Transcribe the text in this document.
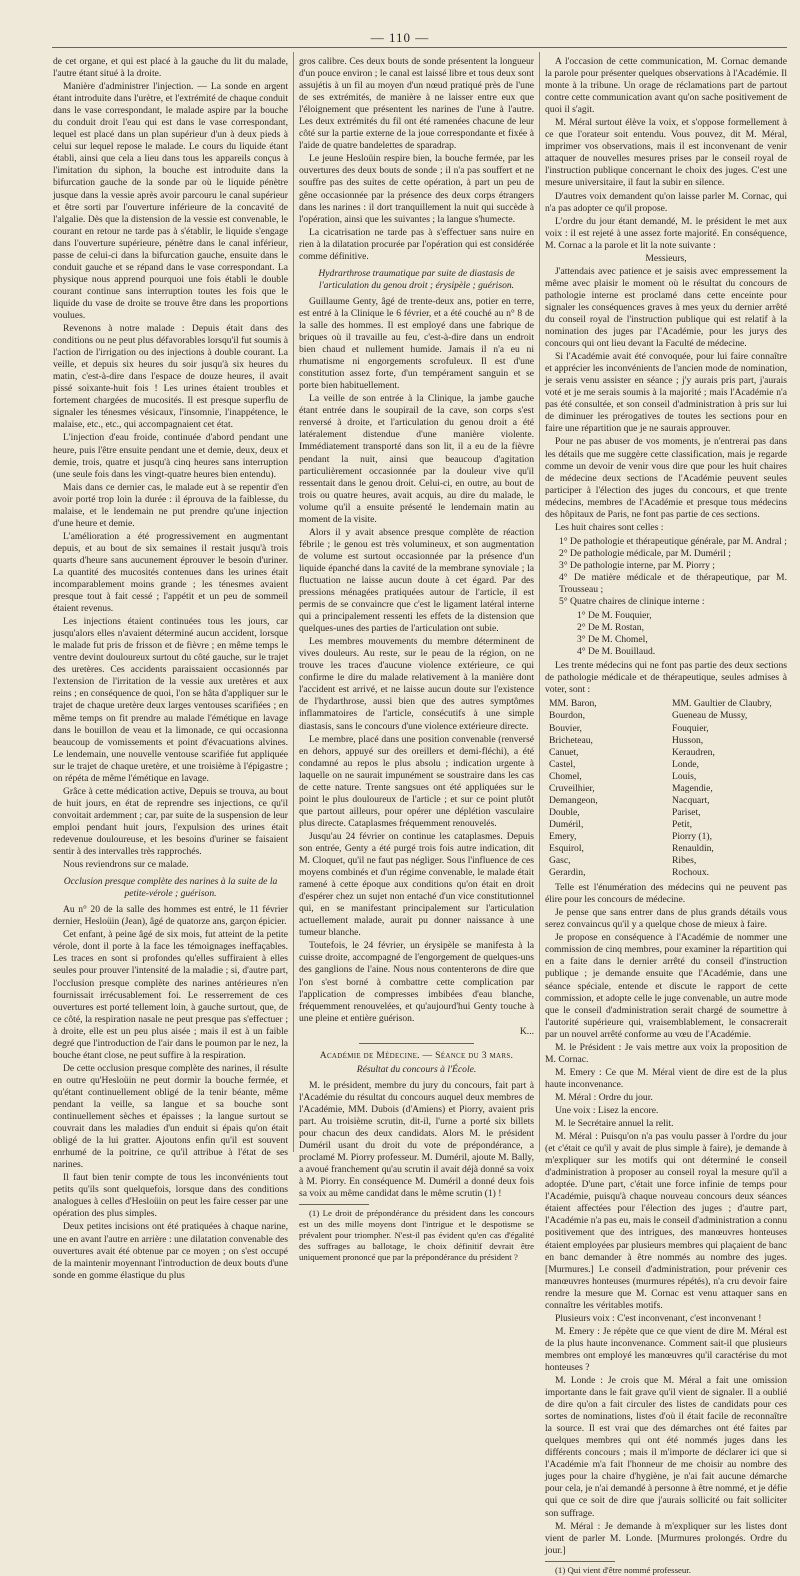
— 110 —

de cet organe, et qui est placé à la gauche du lit du malade, l'autre étant situé à la droite.

Manière d'administrer l'injection. — La sonde en argent étant introduite dans l'urètre, et l'extrémité de chaque conduit dans le vase correspondant, le malade aspire par la bouche du conduit droit l'eau qui est dans le vase correspondant, lequel est placé dans un plan supérieur d'un à deux pieds à celui sur lequel repose le malade. Le cours du liquide étant établi, ainsi que cela a lieu dans tous les appareils conçus à l'imitation du siphon, la bouche est introduite dans la bifurcation gauche de la sonde par où le liquide pénètre jusque dans la vessie après avoir parcouru le canal supérieur et être sorti par l'ouverture inférieure de la concavité de l'algalie. Dès que la distension de la vessie est convenable, le courant en retour ne tarde pas à s'établir, le liquide s'engage dans l'ouverture supérieure, pénètre dans le canal inférieur, passe de celui-ci dans la bifurcation gauche, ensuite dans le conduit gauche et se répand dans le vase correspondant. La physique nous apprend pourquoi une fois établi le double courant continue sans interruption toutes les fois que le liquide du vase de droite se trouve être dans les proportions voulues.

Revenons à notre malade : Depuis était dans des conditions ou ne peut plus défavorables lorsqu'il fut soumis à l'action de l'irrigation ou des injections à double courant. La veille, et depuis six heures du soir jusqu'à six heures du matin, c'est-à-dire dans l'espace de douze heures, il avait pissé soixante-huit fois ! Les urines étaient troubles et fortement chargées de mucosités. Il est presque superflu de signaler les ténesmes vésicaux, l'insomnie, l'inappétence, le malaise, etc., etc., qui accompagnaient cet état.

L'injection d'eau froide, continuée d'abord pendant une heure, puis l'être ensuite pendant une et demie, deux, deux et demie, trois, quatre et jusqu'à cinq heures sans interruption (une seule fois dans les vingt-quatre heures bien entendu).

Mais dans ce dernier cas, le malade eut à se repentir d'en avoir porté trop loin la durée : il éprouva de la faiblesse, du malaise, et le lendemain ne put prendre qu'une injection d'une heure et demie.

L'amélioration a été progressivement en augmentant depuis, et au bout de six semaines il restait jusqu'à trois quarts d'heure sans aucunement éprouver le besoin d'uriner. La quantité des mucosités contenues dans les urines était incomparablement moins grande ; les ténesmes avaient presque tout à fait cessé ; l'appétit et un peu de sommeil étaient revenus.

Les injections étaient continuées tous les jours, car jusqu'alors elles n'avaient déterminé aucun accident, lorsque le malade fut pris de frisson et de fièvre ; en même temps le ventre devint douloureux surtout du côté gauche, sur le trajet des uretères. Ces accidents paraissaient occasionnés par l'extension de l'irritation de la vessie aux uretères et aux reins ; en conséquence de quoi, l'on se hâta d'appliquer sur le trajet de chaque uretère deux larges ventouses scarifiées ; en même temps on fit prendre au malade l'émétique en lavage dans le bouillon de veau et la limonade, ce qui occasionna beaucoup de vomissements et point d'évacuations alvines. Le lendemain, une nouvelle ventouse scarifiée fut appliquée sur le trajet de chaque uretère, et une troisième à l'épigastre ; on répéta de même l'émétique en lavage.

Grâce à cette médication active, Depuis se trouva, au bout de huit jours, en état de reprendre ses injections, ce qu'il convoitait ardemment ; car, par suite de la suspension de leur emploi pendant huit jours, l'expulsion des urines était redevenue douloureuse, et les besoins d'uriner se faisaient sentir à des intervalles très rapprochés.

Nous reviendrons sur ce malade.

Occlusion presque complète des narines à la suite de la petite-vérole ; guérison.

Au n° 20 de la salle des hommes est entré, le 11 février dernier, Hesloüin (Jean), âgé de quatorze ans, garçon épicier.

Cet enfant, à peine âgé de six mois, fut atteint de la petite vérole, dont il porte à la face les témoignages ineffaçables. Les traces en sont si profondes qu'elles suffiraient à elles seules pour prouver l'intensité de la maladie ; si, d'autre part, l'occlusion presque complète des narines antérieures n'en fournissait irrécusablement foi. Le resserrement de ces ouvertures est porté tellement loin, à gauche surtout, que, de ce côté, la respiration nasale ne peut presque pas s'effectuer ; à droite, elle est un peu plus aisée ; mais il est à un faible degré que l'introduction de l'air dans le poumon par le nez, la bouche étant close, ne peut suffire à la respiration.

De cette occlusion presque complète des narines, il résulte en outre qu'Hesloüin ne peut dormir la bouche fermée, et qu'étant continuellement obligé de la tenir béante, même pendant la veille, sa langue et sa bouche sont continuellement sèches et épaisses ; la langue surtout se couvrait dans les maladies d'un enduit si épais qu'on était obligé de la lui gratter. Ajoutons enfin qu'il est souvent enrhumé de la poitrine, ce qu'il attribue à l'état de ses narines.

Il faut bien tenir compte de tous les inconvénients tout petits qu'ils sont quelquefois, lorsque dans des conditions analogues à celles d'Hesloüin on peut les faire cesser par une opération des plus simples.

Deux petites incisions ont été pratiquées à chaque narine, une en avant l'autre en arrière : une dilatation convenable des ouvertures avait été obtenue par ce moyen ; on s'est occupé de la maintenir moyennant l'introduction de deux bouts d'une sonde en gomme élastique du plus

gros calibre. Ces deux bouts de sonde présentent la longueur d'un pouce environ ; le canal est laissé libre et tous deux sont assujétis à un fil au moyen d'un nœud pratiqué près de l'une de ses extrémités, de manière à ne laisser entre eux que l'éloignement que présentent les narines de l'une à l'autre. Les deux extrémités du fil ont été ramenées chacune de leur côté sur la partie externe de la joue correspondante et fixée à l'aide de quatre bandelettes de sparadrap.

Le jeune Hesloüin respire bien, la bouche fermée, par les ouvertures des deux bouts de sonde ; il n'a pas souffert et ne souffre pas des suites de cette opération, à part un peu de gêne occasionnée par la présence des deux corps étrangers dans les narines : il dort tranquillement la nuit qui succède à l'opération, ainsi que les suivantes ; la langue s'humecte.

La cicatrisation ne tarde pas à s'effectuer sans nuire en rien à la dilatation procurée par l'opération qui est considérée comme définitive.

Hydrarthrose traumatique par suite de diastasis de l'articulation du genou droit ; érysipèle ; guérison.

Guillaume Genty, âgé de trente-deux ans, potier en terre, est entré à la Clinique le 6 février, et a été couché au n° 8 de la salle des hommes. Il est employé dans une fabrique de briques où il travaille au feu, c'est-à-dire dans un endroit bien chaud et nullement humide. Jamais il n'a eu ni rhumatisme ni engorgements scrofuleux. Il est d'une constitution assez forte, d'un tempérament sanguin et se porte bien habituellement.

La veille de son entrée à la Clinique, la jambe gauche étant entrée dans le soupirail de la cave, son corps s'est renversé à droite, et l'articulation du genou droit a été latéralement distendue d'une manière violente. Immédiatement transporté dans son lit, il a eu de la fièvre pendant la nuit, ainsi que beaucoup d'agitation particulièrement occasionnée par la douleur vive qu'il ressentait dans le genou droit. Celui-ci, en outre, au bout de trois ou quatre heures, avait acquis, au dire du malade, le volume qu'il a ensuite présenté le lendemain matin au moment de la visite.

Alors il y avait absence presque complète de réaction fébrile ; le genou est très volumineux, et son augmentation de volume est surtout occasionnée par la présence d'un liquide épanché dans la cavité de la membrane synoviale ; la fluctuation ne laisse aucun doute à cet égard. Par des pressions ménagées pratiquées autour de l'article, il est permis de se convaincre que c'est le ligament latéral interne qui a principalement ressenti les effets de la distension que quelques-unes des parties de l'articulation ont subie.

Les membres mouvements du membre déterminent de vives douleurs. Au reste, sur le peau de la région, on ne trouve les traces d'aucune violence extérieure, ce qui confirme le dire du malade relativement à la manière dont l'accident est arrivé, et ne laisse aucun doute sur l'existence de l'hydarthrose, aussi bien que des autres symptômes inflammatoires de l'article, consécutifs à une simple diastasis, sans le concours d'une violence extérieure directe.

Le membre, placé dans une position convenable (renversé en dehors, appuyé sur des oreillers et demi-fléchi), a été condamné au repos le plus absolu ; indication urgente à laquelle on ne saurait impunément se soustraire dans les cas de cette nature. Trente sangsues ont été appliquées sur le point le plus douloureux de l'article ; et sur ce point plutôt que partout ailleurs, pour opérer une déplétion vasculaire plus directe. Cataplasmes fréquemment renouvelés.

Jusqu'au 24 février on continue les cataplasmes. Depuis son entrée, Genty a été purgé trois fois autre indication, dit M. Cloquet, qu'il ne faut pas négliger. Sous l'influence de ces moyens combinés et d'un régime convenable, le malade était ramené à cette époque aux conditions qu'on était en droit d'espérer chez un sujet non entaché d'un vice constitutionnel qui, en se manifestant principalement sur l'articulation actuellement malade, aurait pu donner naissance à une tumeur blanche.

Toutefois, le 24 février, un érysipèle se manifesta à la cuisse droite, accompagné de l'engorgement de quelques-uns des ganglions de l'aine. Nous nous contenterons de dire que l'on s'est borné à combattre cette complication par l'application de compresses imbibées d'eau blanche, fréquemment renouvelées, et qu'aujourd'hui Genty touche à une pleine et entière guérison.

K...

Académie de Médecine. — Séance du 3 mars.

Résultat du concours à l'École.

M. le président, membre du jury du concours, fait part à l'Académie du résultat du concours auquel deux membres de l'Académie, MM. Dubois (d'Amiens) et Piorry, avaient pris part. Au troisième scrutin, dit-il, l'urne a porté six billets pour chacun des deux candidats. Alors M. le président Duméril usant du droit du vote de prépondérance, a proclamé M. Piorry professeur. M. Duméril, ajoute M. Bally, a avoué franchement qu'au scrutin il avait déjà donné sa voix à M. Piorry. En conséquence M. Duméril a donné deux fois sa voix au même candidat dans le même scrutin (1) !

(1) Le droit de prépondérance du président dans les concours est un des mille moyens dont l'intrigue et le despotisme se prévalent pour triompher. N'est-il pas évident qu'en cas d'égalité des suffrages au ballotage, le choix définitif devrait être uniquement prononcé que par la prépondérance du président ?

A l'occasion de cette communication, M. Cornac demande la parole pour présenter quelques observations à l'Académie. Il monte à la tribune. Un orage de réclamations part de partout contre cette communication avant qu'on sache positivement de quoi il s'agit.

M. Méral surtout élève la voix, et s'oppose formellement à ce que l'orateur soit entendu. Vous pouvez, dit M. Méral, imprimer vos observations, mais il est inconvenant de venir attaquer de nouvelles mesures prises par le conseil royal de l'instruction publique concernant le choix des juges. C'est une mesure universitaire, il faut la subir en silence.

D'autres voix demandent qu'on laisse parler M. Cornac, qui n'a pas adopter ce qu'il propose.

L'ordre du jour étant demandé, M. le président le met aux voix : il est rejeté à une assez forte majorité. En conséquence, M. Cornac a la parole et lit la note suivante :

Messieurs,

J'attendais avec patience et je saisis avec empressement la même avec plaisir le moment où le résultat du concours de pathologie interne est proclamé dans cette enceinte pour signaler les conséquences graves à mes yeux du dernier arrêté du conseil royal de l'instruction publique qui est relatif à la nomination des juges par l'Académie, pour les jurys des concours qui ont lieu devant la Faculté de médecine.

Si l'Académie avait été convoquée, pour lui faire connaître et apprécier les inconvénients de l'ancien mode de nomination, je serais venu assister en séance ; j'y aurais pris part, j'aurais voté et je me serais soumis à la majorité ; mais l'Académie n'a pas été consultée, et son conseil d'administration à pris sur lui de diminuer les prérogatives de toutes les sections pour en faire une répartition que je ne saurais approuver.

Pour ne pas abuser de vos moments, je n'entrerai pas dans les détails que me suggère cette classification, mais je regarde comme un devoir de venir vous dire que pour les huit chaires de médecine deux sections de l'Académie peuvent seules participer à l'élection des juges du concours, et que trente médecins, membres de l'Académie et presque tous médecins des hôpitaux de Paris, ne font pas partie de ces sections.

Les huit chaires sont celles :

1° De pathologie et thérapeutique générale, par M. Andral ;
2° De pathologie médicale, par M. Duméril ;
3° De pathologie interne, par M. Piorry ;
4° De matière médicale et de thérapeutique, par M. Trousseau ;
5° Quatre chaires de clinique interne :
1° De M. Fouquier,
2° De M. Rostan,
3° De M. Chomel,
4° De M. Bouillaud.

Les trente médecins qui ne font pas partie des deux sections de pathologie médicale et de thérapeutique, seules admises à voter, sont :

MM. Baron,
Bourdon,
Bouvier,
Bricheteau,
Canuet,
Castel,
Chomel,
Cruveilhier,
Demangeon,
Double,
Duméril,
Emery,
Esquirol,
Gasc,
Gerardin,
MM. Gaultier de Claubry,
Gueneau de Mussy,
Fouquier,
Husson,
Keraudren,
Londe,
Louis,
Magendie,
Nacquart,
Pariset,
Petit,
Piorry (1),
Renauldin,
Ribes,
Rochoux.

Telle est l'énumération des médecins qui ne peuvent pas élire pour les concours de médecine.

Je pense que sans entrer dans de plus grands détails vous serez convaincus qu'il y a quelque chose de mieux à faire.

Je propose en conséquence à l'Académie de nommer une commission de cinq membres, pour examiner la répartition qui en a faite dans le dernier arrêté du conseil d'instruction publique ; je demande ensuite que l'Académie, dans une séance spéciale, entende et discute le rapport de cette commission, et adopte celle le juge convenable, un autre mode que le conseil d'administration serait chargé de soumettre à l'autorité supérieure qui, vraisemblablement, le consacrerait par un nouvel arrêté conforme au vœu de l'Académie.

M. le Président : Je vais mettre aux voix la proposition de M. Cornac.

M. Emery : Ce que M. Méral vient de dire est de la plus haute inconvenance.

M. Méral : Ordre du jour.

Une voix : Lisez la encore.

M. le Secrétaire annuel la relit.

M. Méral : Puisqu'on n'a pas voulu passer à l'ordre du jour (et c'était ce qu'il y avait de plus simple à faire), je demande à m'expliquer sur les motifs qui ont déterminé le conseil d'administration à proposer au conseil royal la mesure qu'il a adoptée. D'une part, c'était une force infinie de temps pour l'Académie, puisqu'à chaque nouveau concours deux séances étaient affectées pour l'élection des juges ; d'autre part, l'Académie n'a pas eu, mais le conseil d'administration a connu positivement que des intrigues, des manœuvres honteuses étaient employées par plusieurs membres qui plaçaient de banc en banc demander à être nommés au nombre des juges. [Murmures.] Le conseil d'administration, pour prévenir ces manœuvres honteuses (murmures répétés), n'a cru devoir faire rendre la mesure que M. Cornac est venu attaquer sans en connaître les véritables motifs.

Plusieurs voix : C'est inconvenant, c'est inconvenant !

M. Emery : Je répète que ce que vient de dire M. Méral est de la plus haute inconvenance. Comment sait-il que plusieurs membres ont employé les manœuvres qu'il caractérise du mot honteuses ?

M. Londe : Je crois que M. Méral a fait une omission importante dans le fait grave qu'il vient de signaler. Il a oublié de dire qu'on a fait circuler des listes de candidats pour ces sortes de nominations, listes d'où il était facile de reconnaître la source. Il est vrai que des démarches ont été faites par quelques membres qui ont été nommés juges dans les différents concours ; mais il m'importe de déclarer ici que si l'Académie m'a fait l'honneur de me choisir au nombre des juges pour la chaire d'hygiène, je n'ai fait aucune démarche pour cela, je n'ai demandé à personne à être nommé, et je défie qui que ce soit de dire que j'aurais sollicité ou fait solliciter son suffrage.

M. Méral : Je demande à m'expliquer sur les listes dont vient de parler M. Londe. [Murmures prolongés. Ordre du jour.]

(1) Qui vient d'être nommé professeur.
